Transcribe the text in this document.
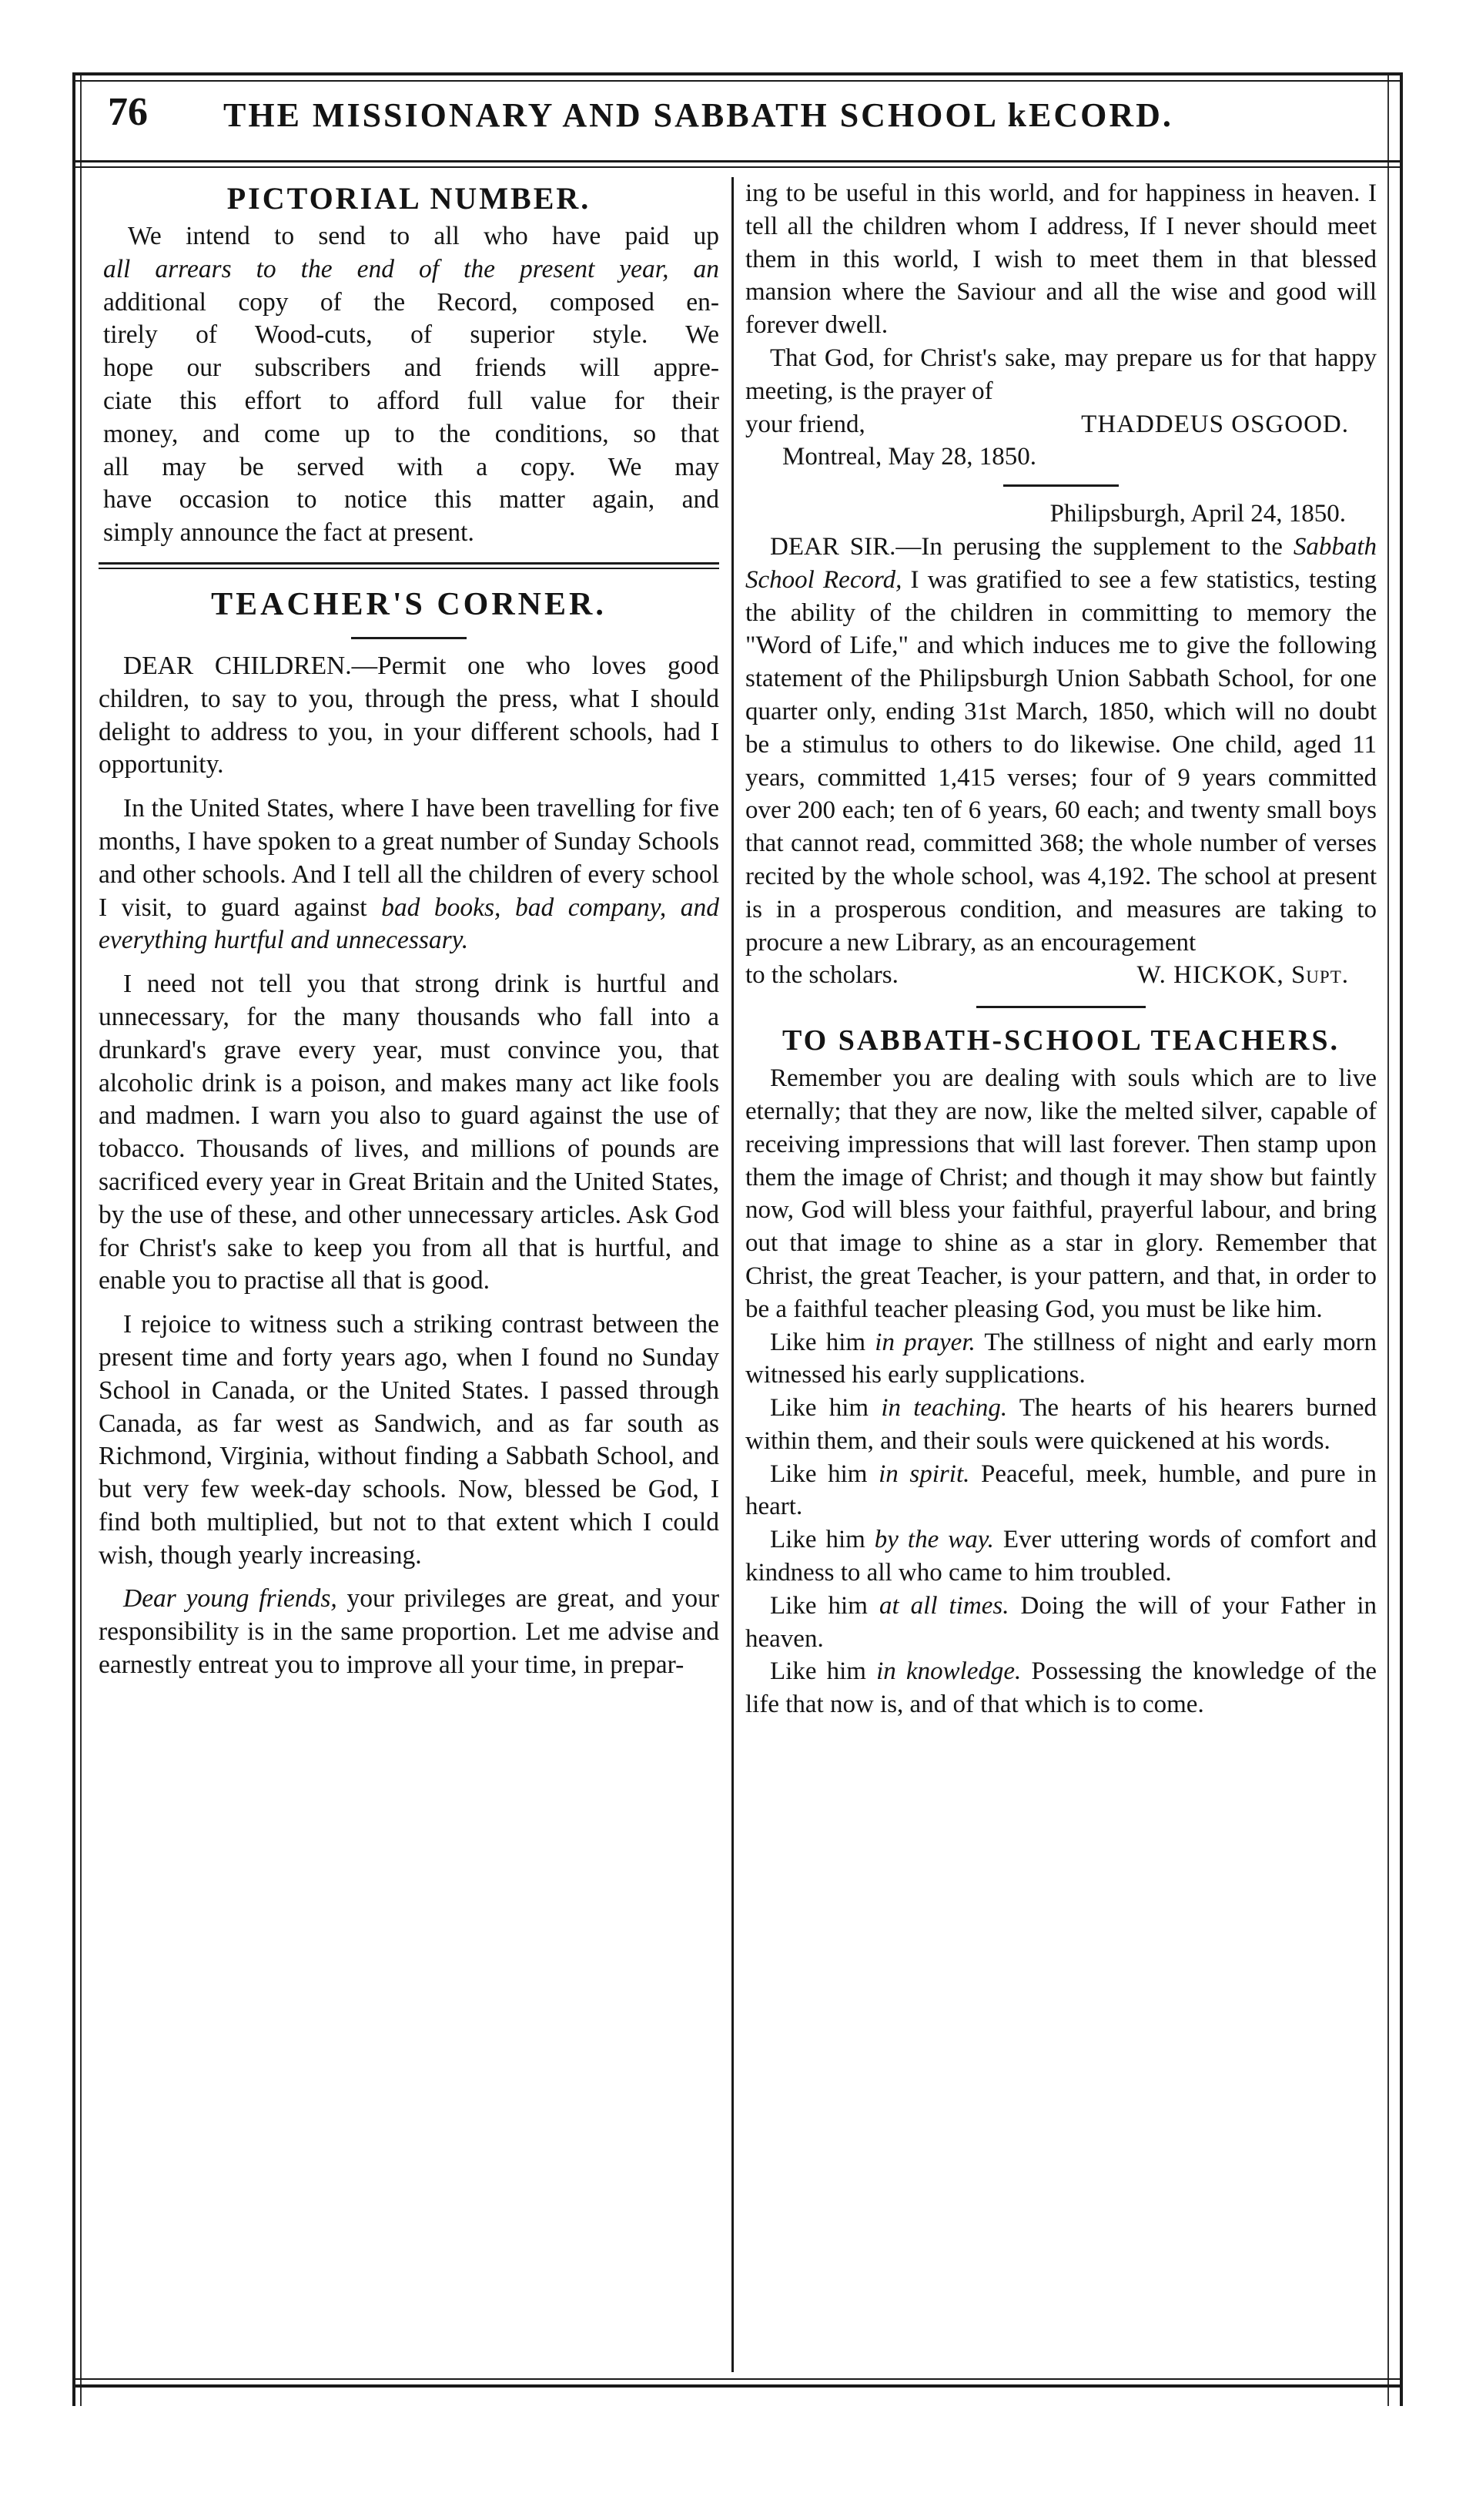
76 THE MISSIONARY AND SABBATH SCHOOL kECORD.
PICTORIAL NUMBER.

We intend to send to all who have paid up

all arrears to the end of the present year, an

additional copy of the Record, composed en-

tirely of Wood-cuts, of superior style. We

hope our subscribers and friends will appre-

ciate this effort to afford full value for their

money, and come up to the conditions, so that

all may be served with a copy. We may

have occasion to notice this matter again, and

simply announce the fact at present.

TEACHER'S CORNER.

DEAR CHILDREN.—Permit one who loves good children, to say to you, through the press, what I should delight to address to you, in your different schools, had I opportunity.

In the United States, where I have been travelling for five months, I have spoken to a great number of Sunday Schools and other schools. And I tell all the children of every school I visit, to guard against bad books, bad company, and everything hurtful and unnecessary.

I need not tell you that strong drink is hurtful and unnecessary, for the many thousands who fall into a drunkard's grave every year, must convince you, that alcoholic drink is a poison, and makes many act like fools and madmen. I warn you also to guard against the use of tobacco. Thousands of lives, and millions of pounds are sacrificed every year in Great Britain and the United States, by the use of these, and other unnecessary articles. Ask God for Christ's sake to keep you from all that is hurtful, and enable you to practise all that is good.

I rejoice to witness such a striking contrast between the present time and forty years ago, when I found no Sunday School in Canada, or the United States. I passed through Canada, as far west as Sandwich, and as far south as Richmond, Virginia, without finding a Sabbath School, and but very few week-day schools. Now, blessed be God, I find both multiplied, but not to that extent which I could wish, though yearly increasing.

Dear young friends, your privileges are great, and your responsibility is in the same proportion. Let me advise and earnestly entreat you to improve all your time, in prepar-

ing to be useful in this world, and for happiness in heaven. I tell all the children whom I address, If I never should meet them in this world, I wish to meet them in that blessed mansion where the Saviour and all the wise and good will forever dwell.

That God, for Christ's sake, may prepare us for that happy meeting, is the prayer of

your friend,	THADDEUS OSGOOD.

Montreal, May 28, 1850.

Philipsburgh, April 24, 1850.

DEAR SIR.—In perusing the supplement to the Sabbath School Record, I was gratified to see a few statistics, testing the ability of the children in committing to memory the "Word of Life," and which induces me to give the following statement of the Philipsburgh Union Sabbath School, for one quarter only, ending 31st March, 1850, which will no doubt be a stimulus to others to do likewise. One child, aged 11 years, committed 1,415 verses; four of 9 years committed over 200 each; ten of 6 years, 60 each; and twenty small boys that cannot read, committed 368; the whole number of verses recited by the whole school, was 4,192. The school at present is in a prosperous condition, and measures are taking to procure a new Library, as an encouragement

to the scholars.	W. HICKOK, Supt.
TO SABBATH-SCHOOL TEACHERS.

Remember you are dealing with souls which are to live eternally; that they are now, like the melted silver, capable of receiving impressions that will last forever. Then stamp upon them the image of Christ; and though it may show but faintly now, God will bless your faithful, prayerful labour, and bring out that image to shine as a star in glory. Remember that Christ, the great Teacher, is your pattern, and that, in order to be a faithful teacher pleasing God, you must be like him.

Like him in prayer. The stillness of night and early morn witnessed his early supplications.

Like him in teaching. The hearts of his hearers burned within them, and their souls were quickened at his words.

Like him in spirit. Peaceful, meek, humble, and pure in heart.

Like him by the way. Ever uttering words of comfort and kindness to all who came to him troubled.

Like him at all times. Doing the will of your Father in heaven.

Like him in knowledge. Possessing the knowledge of the life that now is, and of that which is to come.
